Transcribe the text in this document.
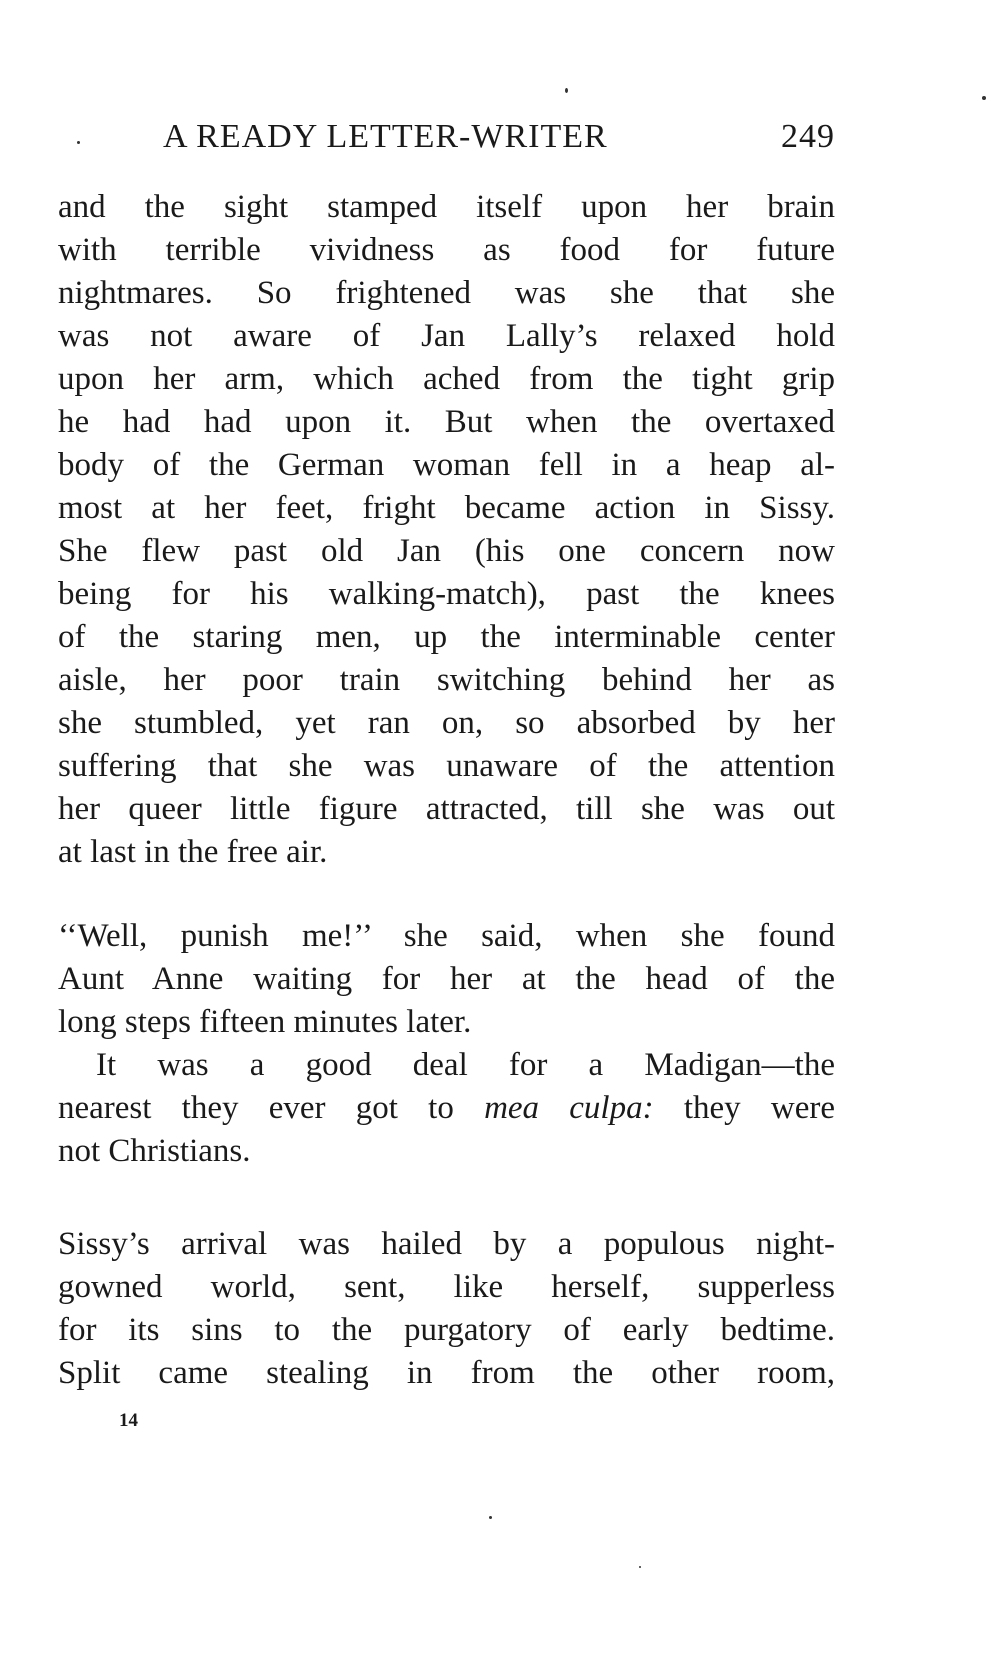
A READY LETTER-WRITER	249
and the sight stamped itself upon her brain
with terrible vividness as food for future
nightmares. So frightened was she that she
was not aware of Jan Lally’s relaxed hold
upon her arm, which ached from the tight grip
he had had upon it. But when the overtaxed
body of the German woman fell in a heap al-
most at her feet, fright became action in Sissy.
She flew past old Jan (his one concern now
being for his walking-match), past the knees
of the staring men, up the interminable center
aisle, her poor train switching behind her as
she stumbled, yet ran on, so absorbed by her
suffering that she was unaware of the attention
her queer little figure attracted, till she was out
at last in the free air.
‘‘Well, punish me!’’ she said, when she found
Aunt Anne waiting for her at the head of the
long steps fifteen minutes later.
It was a good deal for a Madigan—the
nearest they ever got to mea culpa: they were
not Christians.
Sissy’s arrival was hailed by a populous night-
gowned world, sent, like herself, supperless
for its sins to the purgatory of early bedtime.
Split came stealing in from the other room,
14
